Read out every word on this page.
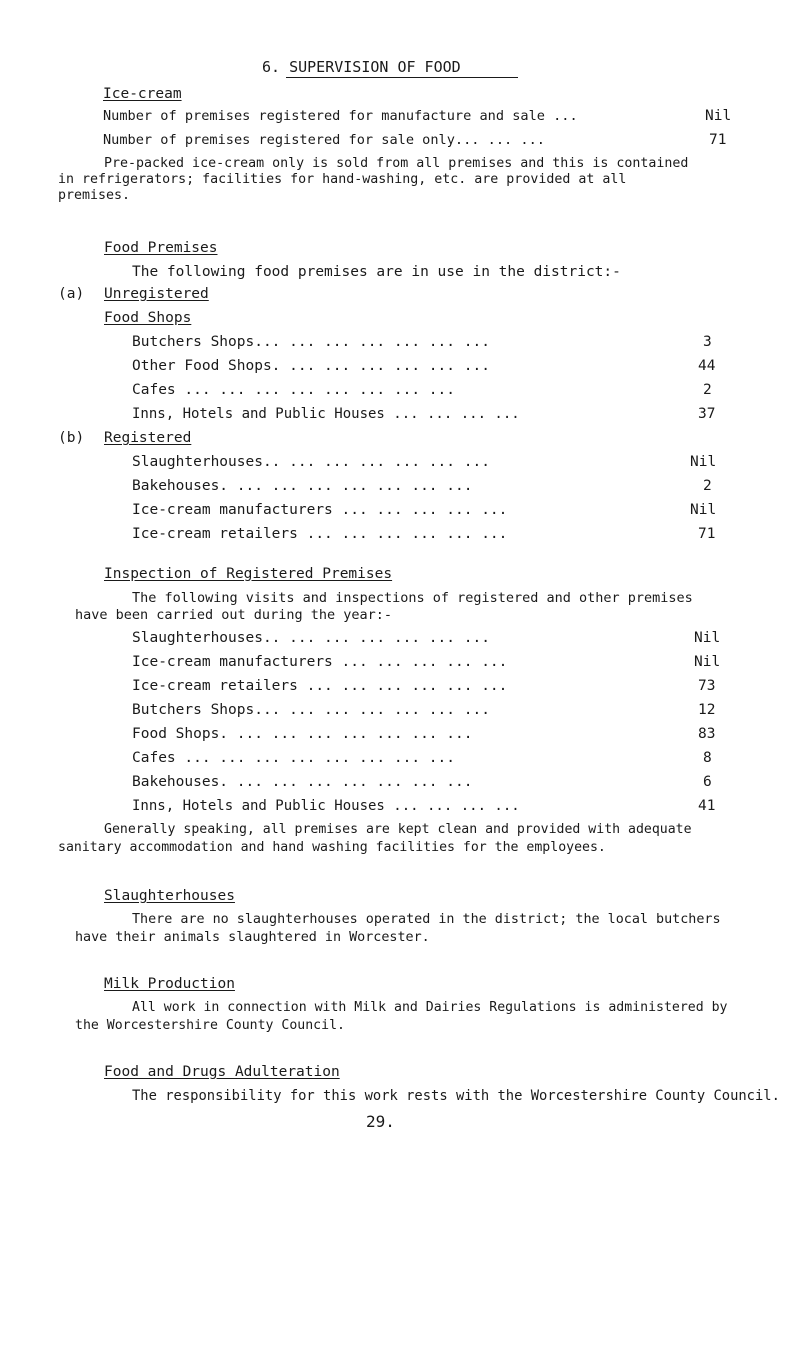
6. SUPERVISION OF FOOD
Ice-cream
Number of premises registered for manufacture and sale ...	Nil
Number of premises registered for sale only... ... ...	71
Pre-packed ice-cream only is sold from all premises and this is contained
in refrigerators; facilities for hand-washing, etc. are provided at all
premises.
Food Premises
The following food premises are in use in the district:-
(a) Unregistered
Food Shops
Butchers Shops... ... ... ... ... ... ...	3
Other Food Shops. ... ... ... ... ... ...	44
Cafes ... ... ... ... ... ... ... ...	2
Inns, Hotels and Public Houses ... ... ... ...	37
(b) Registered
Slaughterhouses.. ... ... ... ... ... ...	Nil
Bakehouses. ... ... ... ... ... ... ...	2
Ice-cream manufacturers ... ... ... ... ...	Nil
Ice-cream retailers ... ... ... ... ... ...	71
Inspection of Registered Premises
The following visits and inspections of registered and other premises
have been carried out during the year:-
Slaughterhouses.. ... ... ... ... ... ...	Nil
Ice-cream manufacturers ... ... ... ... ...	Nil
Ice-cream retailers ... ... ... ... ... ...	73
Butchers Shops... ... ... ... ... ... ...	12
Food Shops. ... ... ... ... ... ... ...	83
Cafes ... ... ... ... ... ... ... ...	8
Bakehouses. ... ... ... ... ... ... ...	6
Inns, Hotels and Public Houses ... ... ... ...	41
Generally speaking, all premises are kept clean and provided with adequate
sanitary accommodation and hand washing facilities for the employees.
Slaughterhouses
There are no slaughterhouses operated in the district; the local butchers
have their animals slaughtered in Worcester.
Milk Production
All work in connection with Milk and Dairies Regulations is administered by
the Worcestershire County Council.
Food and Drugs Adulteration
The responsibility for this work rests with the Worcestershire County Council.
29.
